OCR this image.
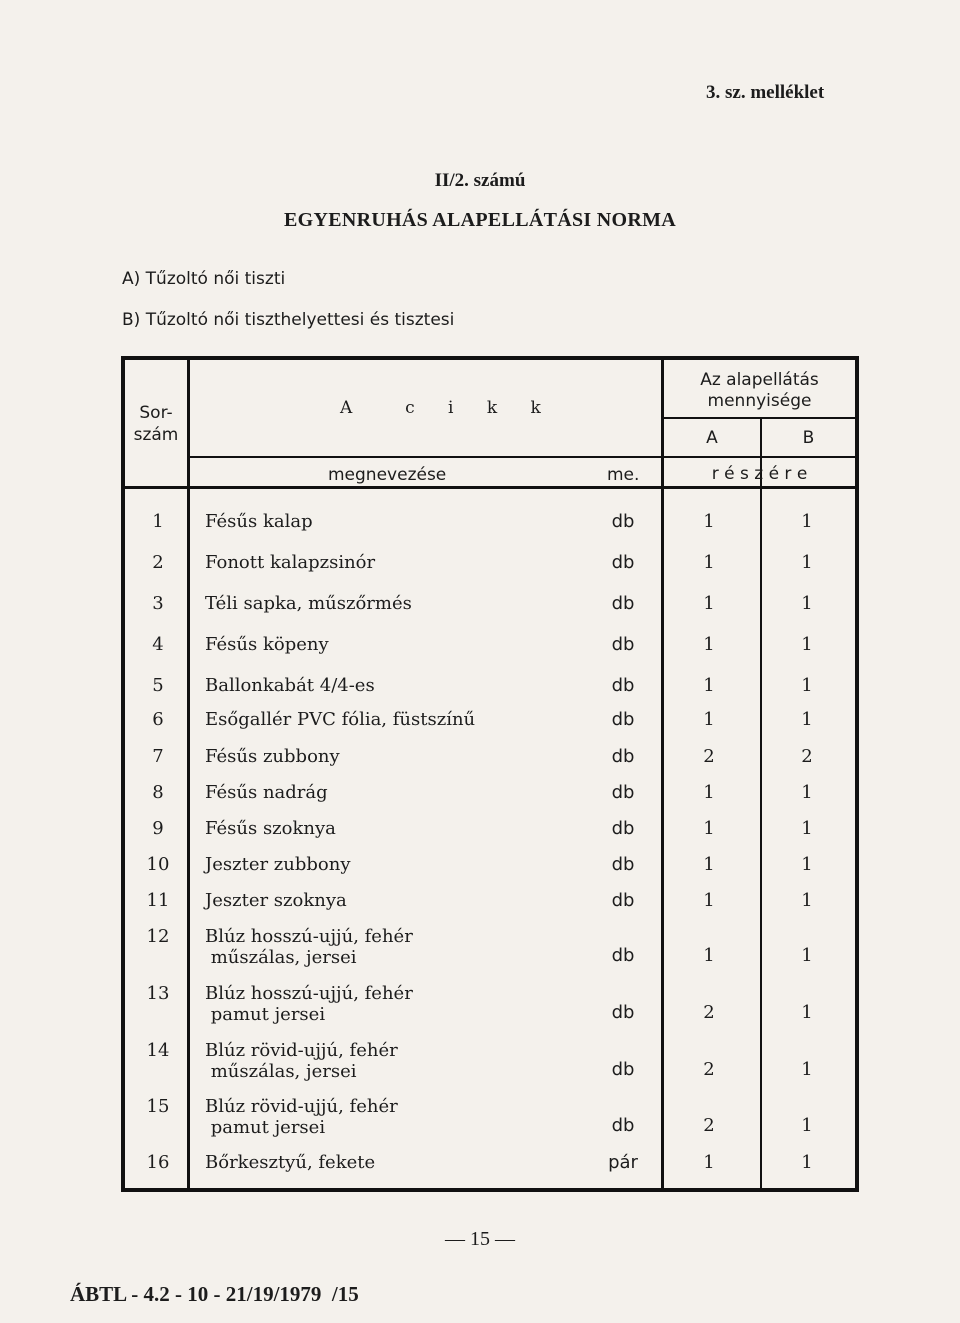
3. sz. melléklet
II/2. számú
EGYENRUHÁS ALAPELLÁTÁSI NORMA
A) Tűzoltó női tiszti
B) Tűzoltó női tiszthelyettesi és tisztesi
Sor-
szám
A  c i k k
megnevezése	me.
Az alapellátás
mennyisége
A	B
r é s z é r e
1	Fésűs kalap	db	1	1
2	Fonott kalapzsinór	db	1	1
3	Téli sapka, műszőrmés	db	1	1
4	Fésűs köpeny	db	1	1
5	Ballonkabát 4/4-es	db	1	1
6	Esőgallér PVC fólia, füstszínű	db	1	1
7	Fésűs zubbony	db	2	2
8	Fésűs nadrág	db	1	1
9	Fésűs szoknya	db	1	1
10	Jeszter zubbony	db	1	1
11	Jeszter szoknya	db	1	1
12	Blúz hosszú-ujjú, fehér
műszálas, jersei	db	1	1
13	Blúz hosszú-ujjú, fehér
pamut jersei	db	2	1
14	Blúz rövid-ujjú, fehér
műszálas, jersei	db	2	1
15	Blúz rövid-ujjú, fehér
pamut jersei	db	2	1
16	Bőrkesztyű, fekete	pár	1	1
— 15 —
ÁBTL - 4.2 - 10 - 21/19/1979  /15
